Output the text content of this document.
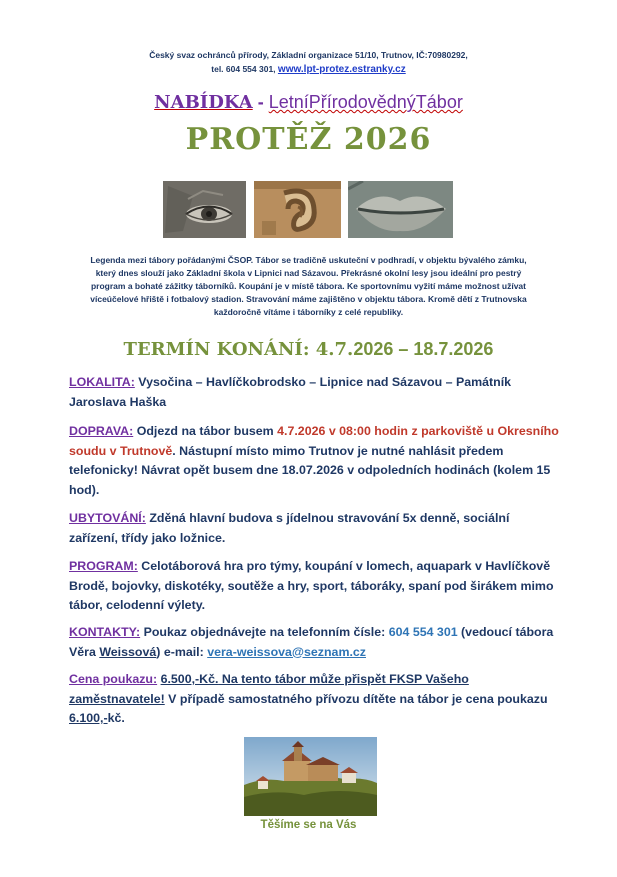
Český svaz ochránců přírody, Základní organizace 51/10, Trutnov, IČ:70980292,
tel. 604 554 301, www.lpt-protez.estranky.cz
NABÍDKA - LetníPřírodovědnýTábor
PROTĚŽ 2026
Legenda mezi tábory pořádanými ČSOP. Tábor se tradičně uskuteční v podhradí, v objektu bývalého zámku, který dnes slouží jako Základní škola v Lipnici nad Sázavou. Překrásné okolní lesy jsou ideální pro pestrý program a bohaté zážitky táborníků. Koupání je v místě tábora. Ke sportovnímu vyžití máme možnost užívat víceúčelové hřiště i fotbalový stadion. Stravování máme zajištěno v objektu tábora. Kromě dětí z Trutnovska každoročně vítáme i táborníky z celé republiky.
TERMÍN KONÁNÍ: 4.7.2026 – 18.7.2026
LOKALITA: Vysočina – Havlíčkobrodsko – Lipnice nad Sázavou – Památník Jaroslava Haška
DOPRAVA: Odjezd na tábor busem 4.7.2026 v 08:00 hodin z parkoviště u Okresního soudu v Trutnově. Nástupní místo mimo Trutnov je nutné nahlásit předem telefonicky! Návrat opět busem dne 18.07.2026 v odpoledních hodinách (kolem 15 hod).
UBYTOVÁNÍ: Zděná hlavní budova s jídelnou stravování 5x denně, sociální zařízení, třídy jako ložnice.
PROGRAM: Celotáborová hra pro týmy, koupání v lomech, aquapark v Havlíčkově Brodě, bojovky, diskotéky, soutěže a hry, sport, táboráky, spaní pod širákem mimo tábor, celodenní výlety.
KONTAKTY: Poukaz objednávejte na telefonním čísle: 604 554 301 (vedoucí tábora Věra Weissová) e-mail: vera-weissova@seznam.cz
Cena poukazu: 6.500,-Kč. Na tento tábor může přispět FKSP Vašeho zaměstnavatele! V případě samostatného přívozu dítěte na tábor je cena poukazu 6.100,-kč.
Těšíme se na Vás
